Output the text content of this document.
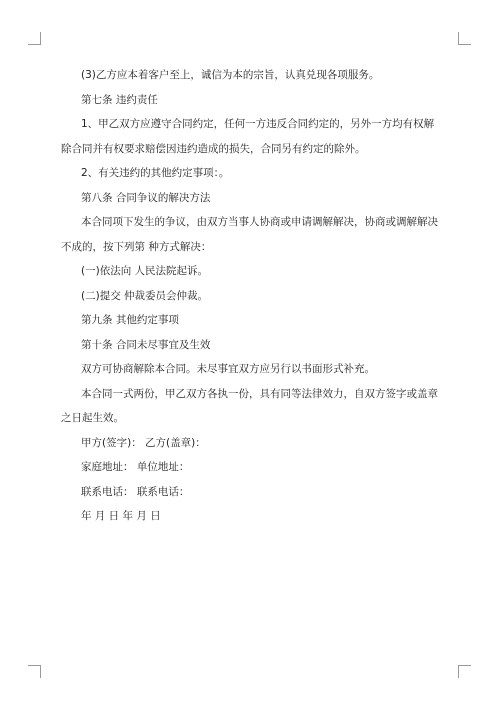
(3)乙方应本着客户至上，诚信为本的宗旨，认真兑现各项服务。

第七条 违约责任

1、甲乙双方应遵守合同约定，任何一方违反合同约定的，另外一方均有权解除合同并有权要求赔偿因违约造成的损失，合同另有约定的除外。

2、有关违约的其他约定事项：。

第八条 合同争议的解决方法

本合同项下发生的争议，由双方当事人协商或申请调解解决，协商或调解解决不成的，按下列第 种方式解决：

(一)依法向 人民法院起诉。

(二)提交 仲裁委员会仲裁。

第九条 其他约定事项

第十条 合同未尽事宜及生效

双方可协商解除本合同。未尽事宜双方应另行以书面形式补充。

本合同一式两份，甲乙双方各执一份，具有同等法律效力，自双方签字或盖章之日起生效。

甲方(签字)： 乙方(盖章)：

家庭地址： 单位地址：

联系电话： 联系电话：

年 月 日 年 月 日
